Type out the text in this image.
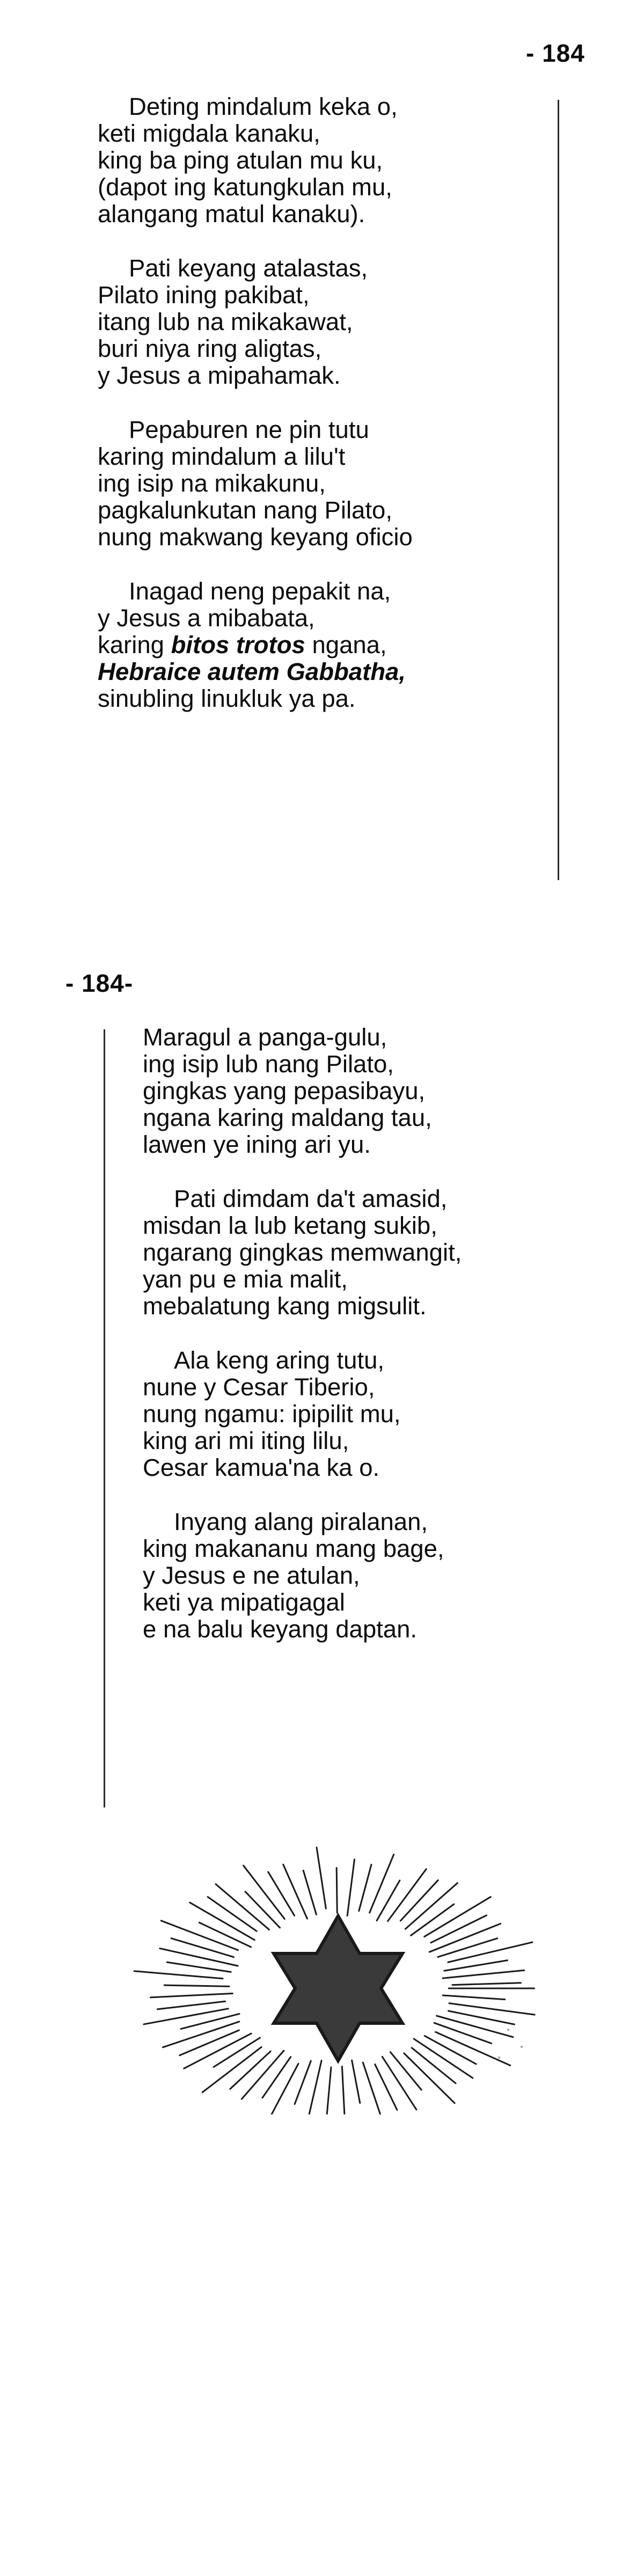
- 184
Deting mindalum keka o,
keti migdala kanaku,
king ba ping atulan mu ku,
(dapot ing katungkulan mu,
alangang matul kanaku).
Pati keyang atalastas,
Pilato ining pakibat,
itang lub na mikakawat,
buri niya ring aligtas,
y Jesus a mipahamak.
Pepaburen ne pin tutu
karing mindalum a lilu't
ing isip na mikakunu,
pagkalunkutan nang Pilato,
nung makwang keyang oficio
Inagad neng pepakit na,
y Jesus a mibabata,
karing bitos trotos ngana,
Hebraice autem Gabbatha,
sinubling linukluk ya pa.
- 184-
Maragul a panga-gulu,
ing isip lub nang Pilato,
gingkas yang pepasibayu,
ngana karing maldang tau,
lawen ye ining ari yu.
Pati dimdam da't amasid,
misdan la lub ketang sukib,
ngarang gingkas memwangit,
yan pu e mia malit,
mebalatung kang migsulit.
Ala keng aring tutu,
nune y Cesar Tiberio,
nung ngamu: ipipilit mu,
king ari mi iting lilu,
Cesar kamua'na ka o.
Inyang alang piralanan,
king makananu mang bage,
y Jesus e ne atulan,
keti ya mipatigagal
e na balu keyang daptan.
